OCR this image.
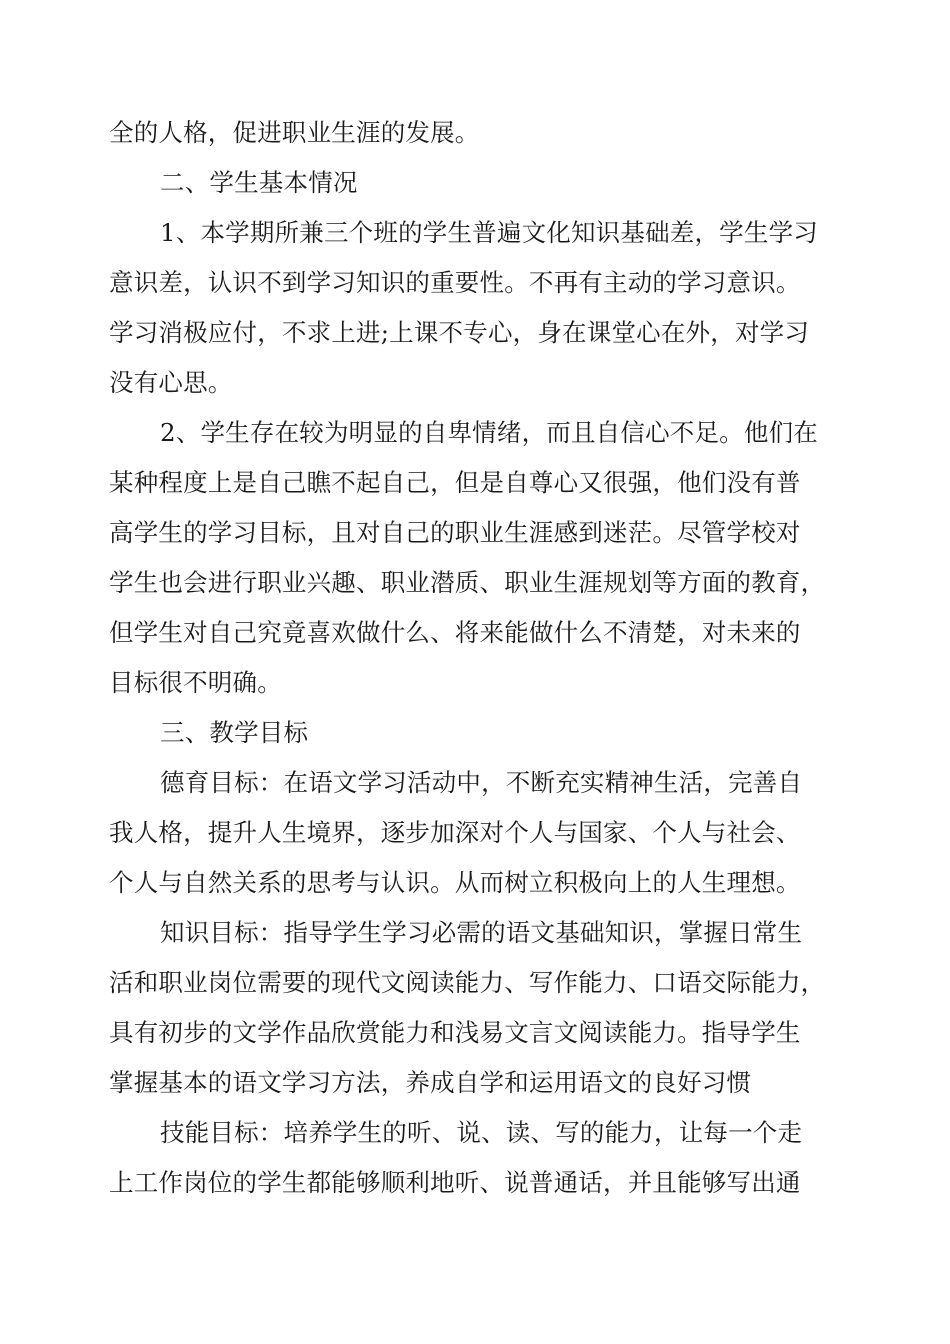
全的人格，促进职业生涯的发展。
二、学生基本情况
1、本学期所兼三个班的学生普遍文化知识基础差，学生学习
意识差，认识不到学习知识的重要性。不再有主动的学习意识。
学习消极应付，不求上进;上课不专心，身在课堂心在外，对学习
没有心思。
2、学生存在较为明显的自卑情绪，而且自信心不足。他们在
某种程度上是自己瞧不起自己，但是自尊心又很强，他们没有普
高学生的学习目标，且对自己的职业生涯感到迷茫。尽管学校对
学生也会进行职业兴趣、职业潜质、职业生涯规划等方面的教育，
但学生对自己究竟喜欢做什么、将来能做什么不清楚，对未来的
目标很不明确。
三、教学目标
德育目标：在语文学习活动中，不断充实精神生活，完善自
我人格，提升人生境界，逐步加深对个人与国家、个人与社会、
个人与自然关系的思考与认识。从而树立积极向上的人生理想。
知识目标：指导学生学习必需的语文基础知识，掌握日常生
活和职业岗位需要的现代文阅读能力、写作能力、口语交际能力，
具有初步的文学作品欣赏能力和浅易文言文阅读能力。指导学生
掌握基本的语文学习方法，养成自学和运用语文的良好习惯
技能目标：培养学生的听、说、读、写的能力，让每一个走
上工作岗位的学生都能够顺利地听、说普通话，并且能够写出通
